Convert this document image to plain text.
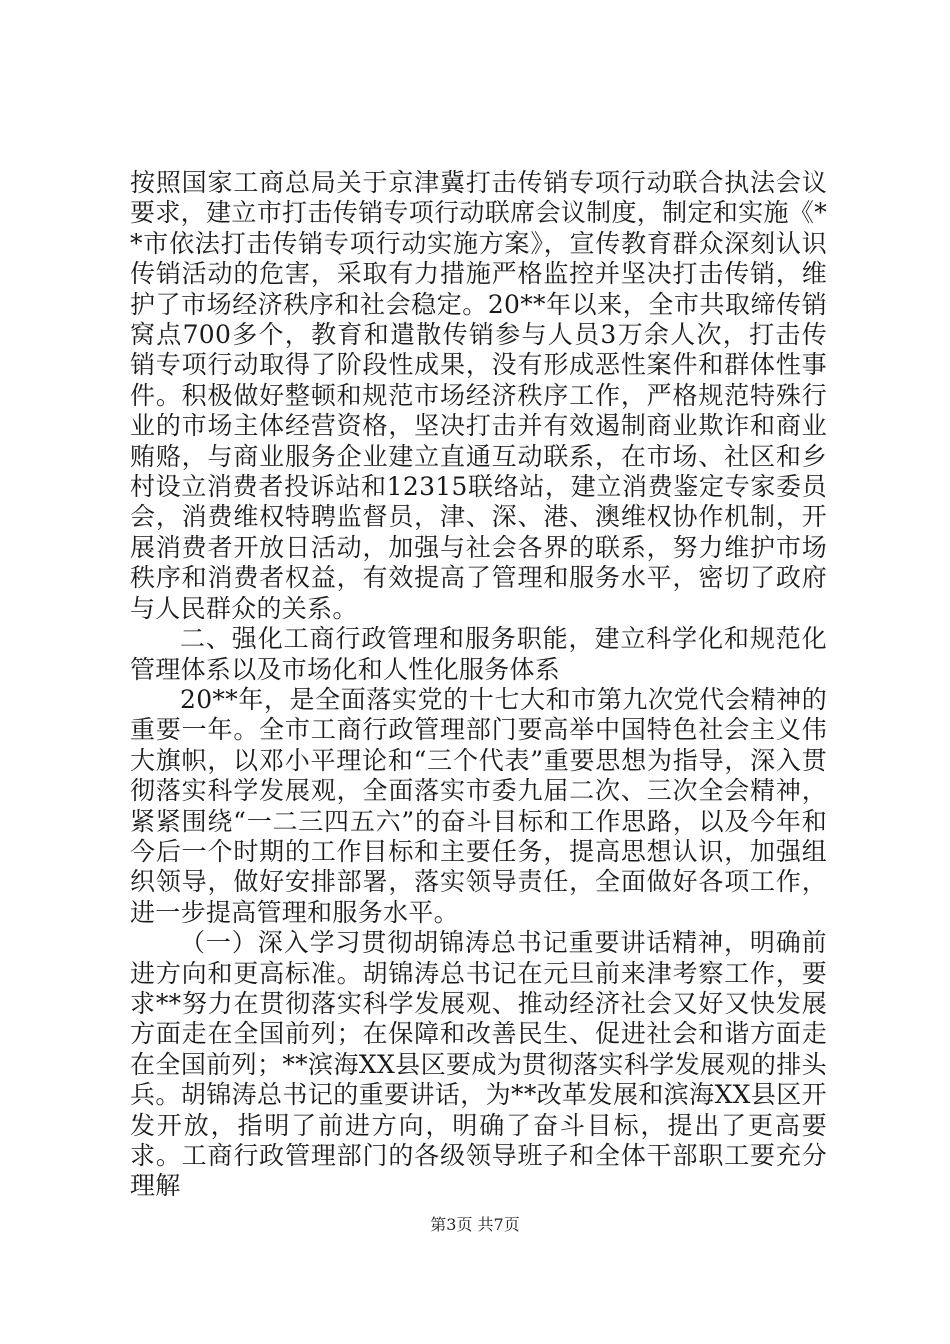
按照国家工商总局关于京津冀打击传销专项行动联合执法会议要求，建立市打击传销专项行动联席会议制度，制定和实施《**市依法打击传销专项行动实施方案》，宣传教育群众深刻认识传销活动的危害，采取有力措施严格监控并坚决打击传销，维护了市场经济秩序和社会稳定。20**年以来，全市共取缔传销窝点700多个，教育和遣散传销参与人员3万余人次，打击传销专项行动取得了阶段性成果，没有形成恶性案件和群体性事件。积极做好整顿和规范市场经济秩序工作，严格规范特殊行业的市场主体经营资格，坚决打击并有效遏制商业欺诈和商业贿赂，与商业服务企业建立直通互动联系，在市场、社区和乡村设立消费者投诉站和12315联络站，建立消费鉴定专家委员会，消费维权特聘监督员，津、深、港、澳维权协作机制，开展消费者开放日活动，加强与社会各界的联系，努力维护市场秩序和消费者权益，有效提高了管理和服务水平，密切了政府与人民群众的关系。

二、强化工商行政管理和服务职能，建立科学化和规范化管理体系以及市场化和人性化服务体系

20**年，是全面落实党的十七大和市第九次党代会精神的重要一年。全市工商行政管理部门要高举中国特色社会主义伟大旗帜，以邓小平理论和“三个代表”重要思想为指导，深入贯彻落实科学发展观，全面落实市委九届二次、三次全会精神，紧紧围绕“一二三四五六”的奋斗目标和工作思路，以及今年和今后一个时期的工作目标和主要任务，提高思想认识，加强组织领导，做好安排部署，落实领导责任，全面做好各项工作，进一步提高管理和服务水平。

（一）深入学习贯彻胡锦涛总书记重要讲话精神，明确前进方向和更高标准。胡锦涛总书记在元旦前来津考察工作，要求**努力在贯彻落实科学发展观、推动经济社会又好又快发展方面走在全国前列；在保障和改善民生、促进社会和谐方面走在全国前列；**滨海XX县区要成为贯彻落实科学发展观的排头兵。胡锦涛总书记的重要讲话，为**改革发展和滨海XX县区开发开放，指明了前进方向，明确了奋斗目标，提出了更高要求。工商行政管理部门的各级领导班子和全体干部职工要充分理解

第3页 共7页
